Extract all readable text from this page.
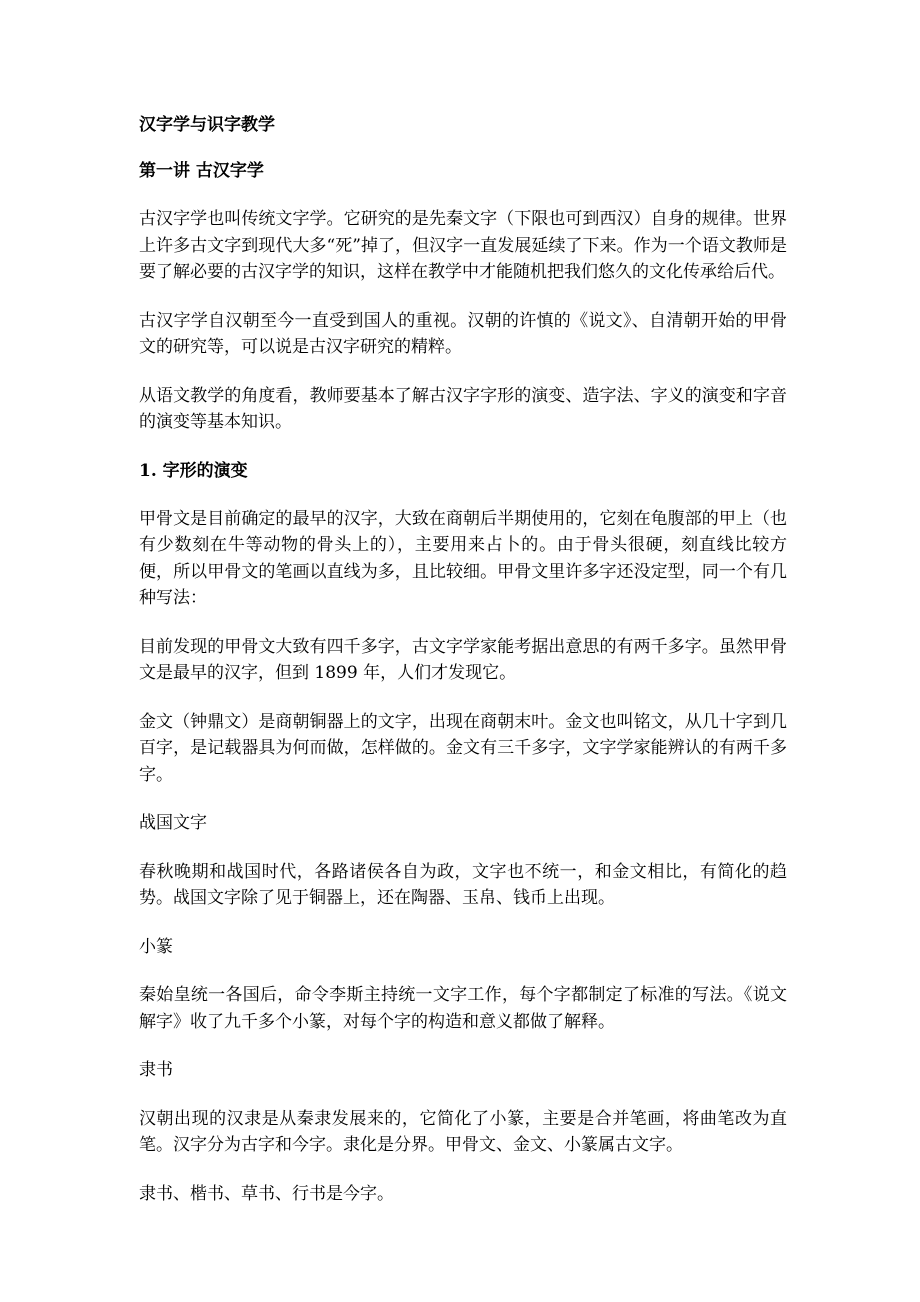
汉字学与识字教学
第一讲 古汉字学
古汉字学也叫传统文字学。它研究的是先秦文字（下限也可到西汉）自身的规律。世界上许多古文字到现代大多“死”掉了，但汉字一直发展延续了下来。作为一个语文教师是要了解必要的古汉字学的知识，这样在教学中才能随机把我们悠久的文化传承给后代。
古汉字学自汉朝至今一直受到国人的重视。汉朝的许慎的《说文》、自清朝开始的甲骨文的研究等，可以说是古汉字研究的精粹。
从语文教学的角度看，教师要基本了解古汉字字形的演变、造字法、字义的演变和字音的演变等基本知识。
1. 字形的演变
甲骨文是目前确定的最早的汉字，大致在商朝后半期使用的，它刻在龟腹部的甲上（也有少数刻在牛等动物的骨头上的），主要用来占卜的。由于骨头很硬，刻直线比较方便，所以甲骨文的笔画以直线为多，且比较细。甲骨文里许多字还没定型，同一个有几种写法：
目前发现的甲骨文大致有四千多字，古文字学家能考据出意思的有两千多字。虽然甲骨文是最早的汉字，但到 1899 年，人们才发现它。
金文（钟鼎文）是商朝铜器上的文字，出现在商朝末叶。金文也叫铭文，从几十字到几百字，是记载器具为何而做，怎样做的。金文有三千多字，文字学家能辨认的有两千多字。
战国文字
春秋晚期和战国时代，各路诸侯各自为政，文字也不统一，和金文相比，有简化的趋势。战国文字除了见于铜器上，还在陶器、玉帛、钱币上出现。
小篆
秦始皇统一各国后，命令李斯主持统一文字工作，每个字都制定了标准的写法。《说文解字》收了九千多个小篆，对每个字的构造和意义都做了解释。
隶书
汉朝出现的汉隶是从秦隶发展来的，它简化了小篆，主要是合并笔画，将曲笔改为直笔。汉字分为古字和今字。隶化是分界。甲骨文、金文、小篆属古文字。
隶书、楷书、草书、行书是今字。
